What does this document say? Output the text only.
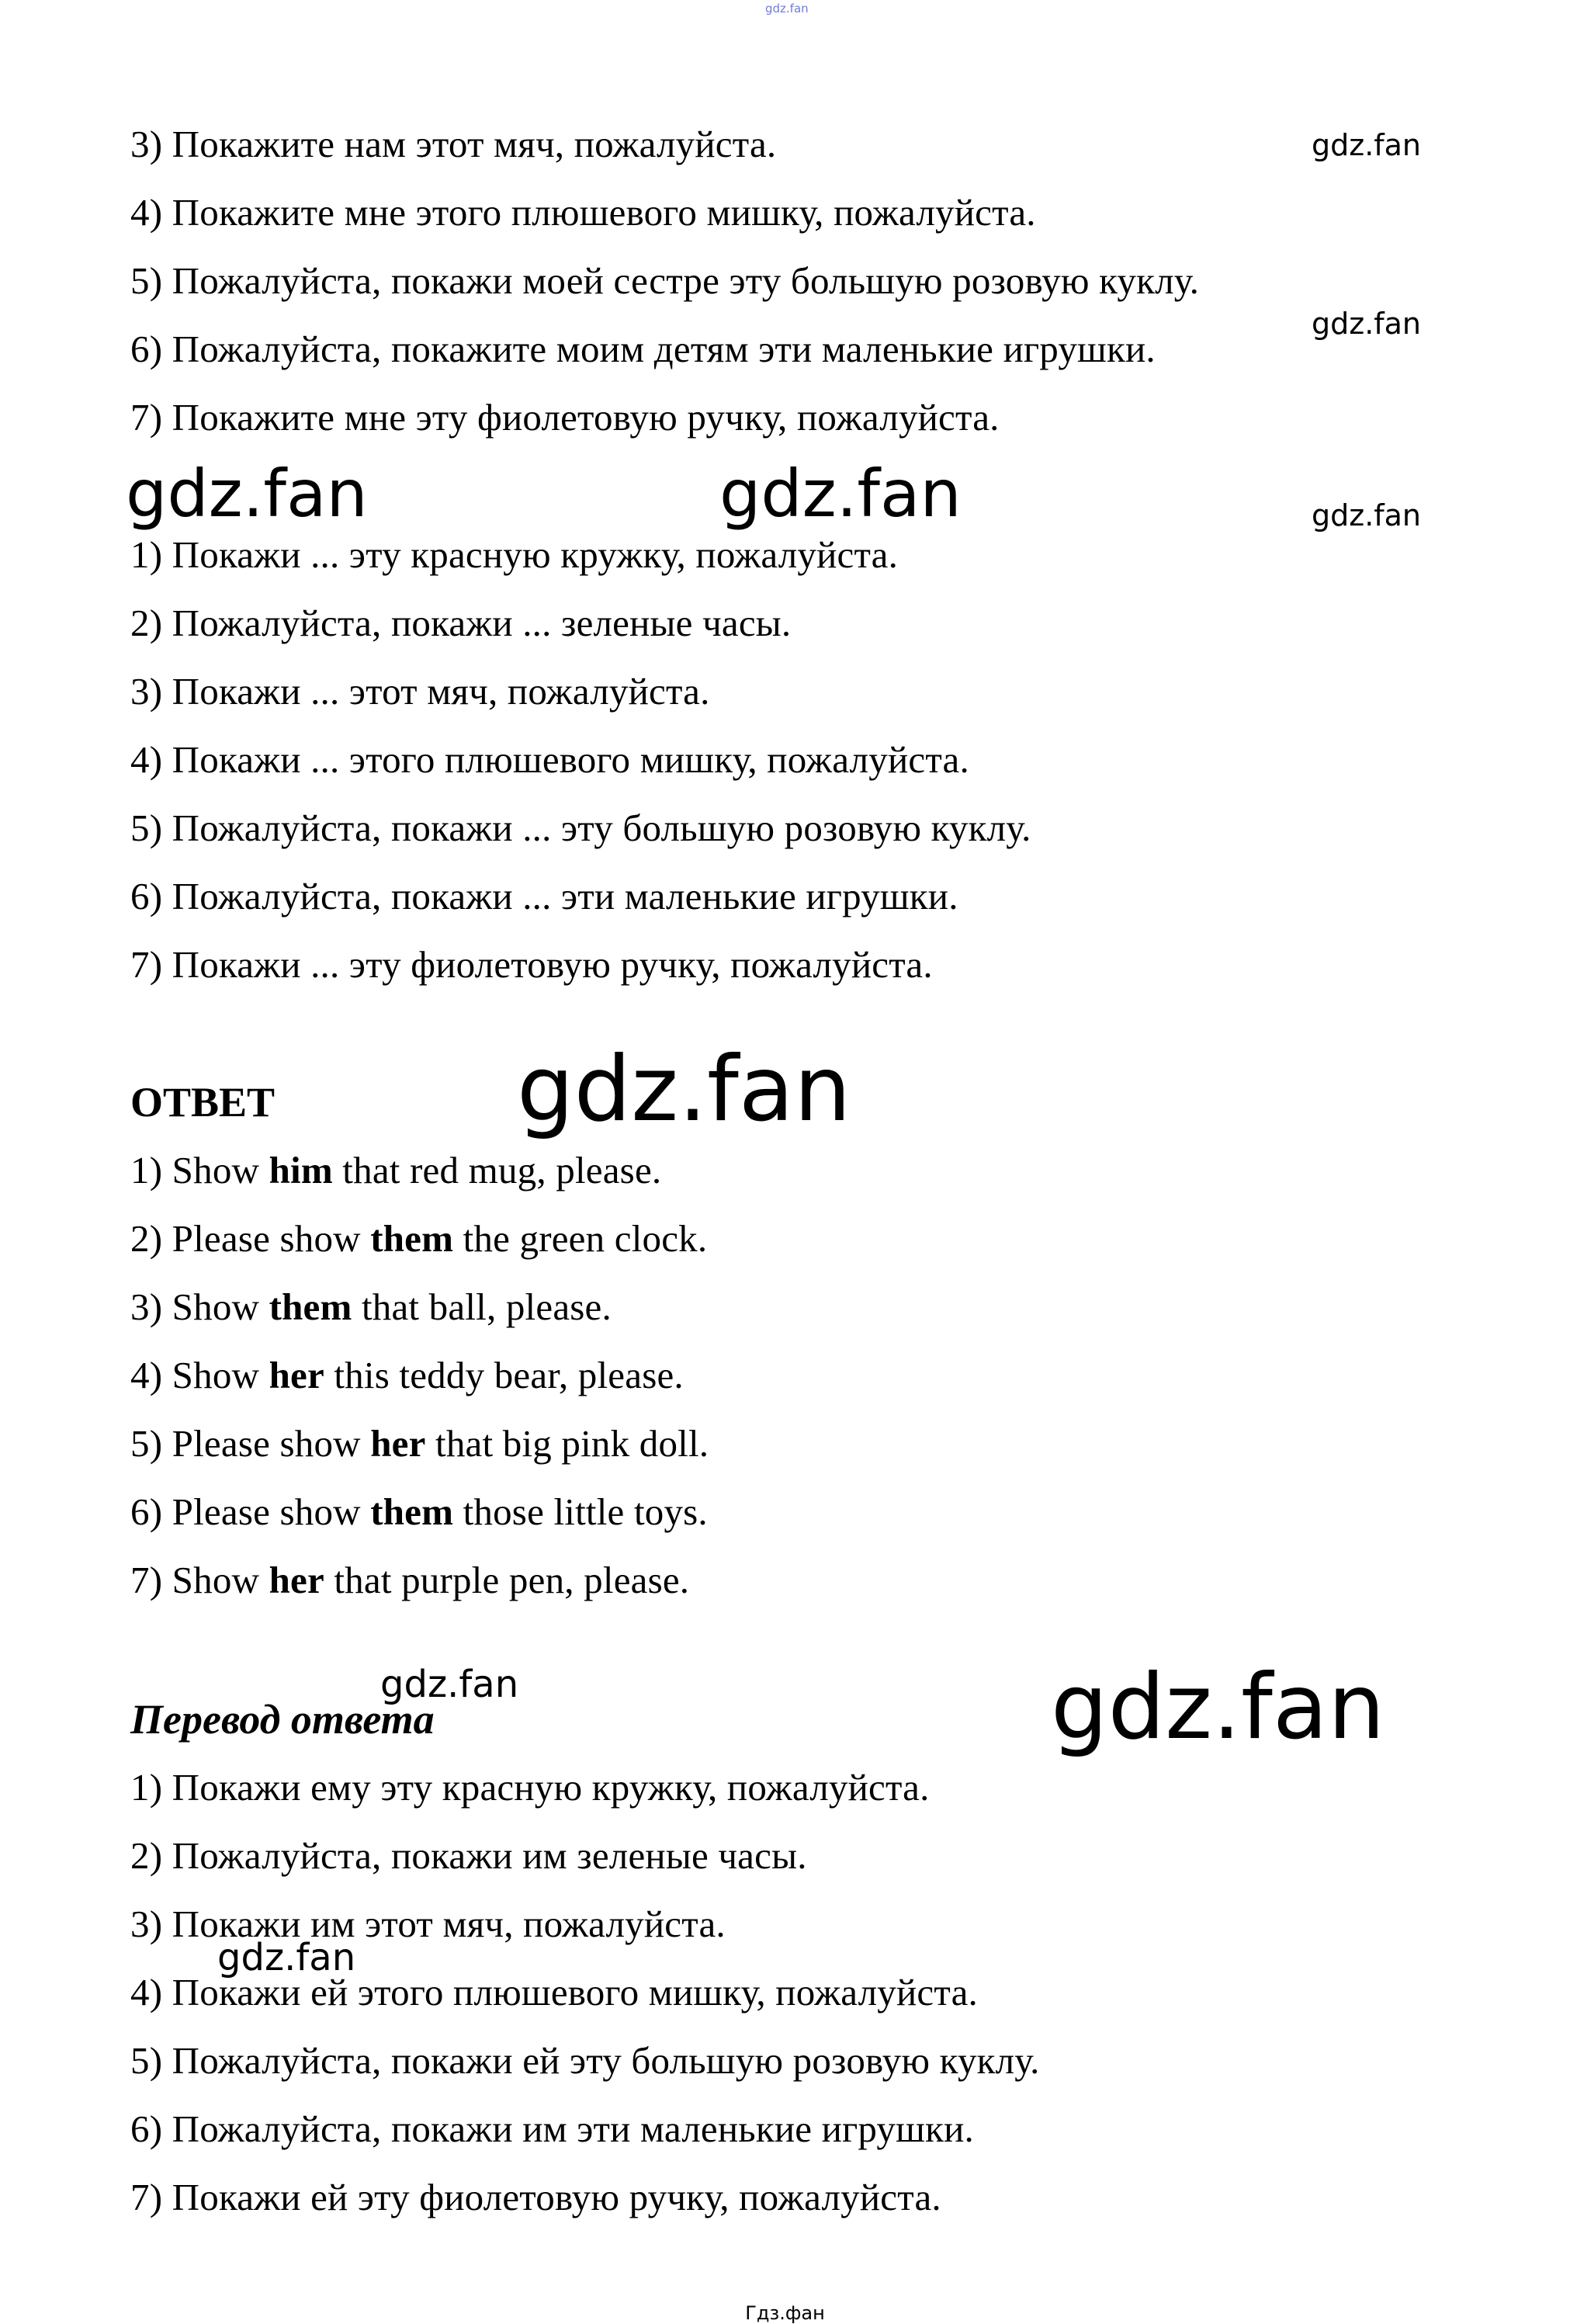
gdz.fan
3) Покажите нам этот мяч, пожалуйста.
4) Покажите мне этого плюшевого мишку, пожалуйста.
5) Пожалуйста, покажи моей сестре эту большую розовую куклу.
6) Пожалуйста, покажите моим детям эти маленькие игрушки.
7) Покажите мне эту фиолетовую ручку, пожалуйста.
gdz.fan
gdz.fan
gdz.fan	gdz.fan	gdz.fan
1) Покажи ... эту красную кружку, пожалуйста.
2) Пожалуйста, покажи ... зеленые часы.
3) Покажи ... этот мяч, пожалуйста.
4) Покажи ... этого плюшевого мишку, пожалуйста.
5) Пожалуйста, покажи ... эту большую розовую куклу.
6) Пожалуйста, покажи ... эти маленькие игрушки.
7) Покажи ... эту фиолетовую ручку, пожалуйста.
ОТВЕТ	gdz.fan
1) Show him that red mug, please.
2) Please show them the green clock.
3) Show them that ball, please.
4) Show her this teddy bear, please.
5) Please show her that big pink doll.
6) Please show them those little toys.
7) Show her that purple pen, please.
gdz.fan
Перевод ответа	gdz.fan
1) Покажи ему эту красную кружку, пожалуйста.
2) Пожалуйста, покажи им зеленые часы.
3) Покажи им этот мяч, пожалуйста.
gdz.fan
4) Покажи ей этого плюшевого мишку, пожалуйста.
5) Пожалуйста, покажи ей эту большую розовую куклу.
6) Пожалуйста, покажи им эти маленькие игрушки.
7) Покажи ей эту фиолетовую ручку, пожалуйста.
Гдз.фан
